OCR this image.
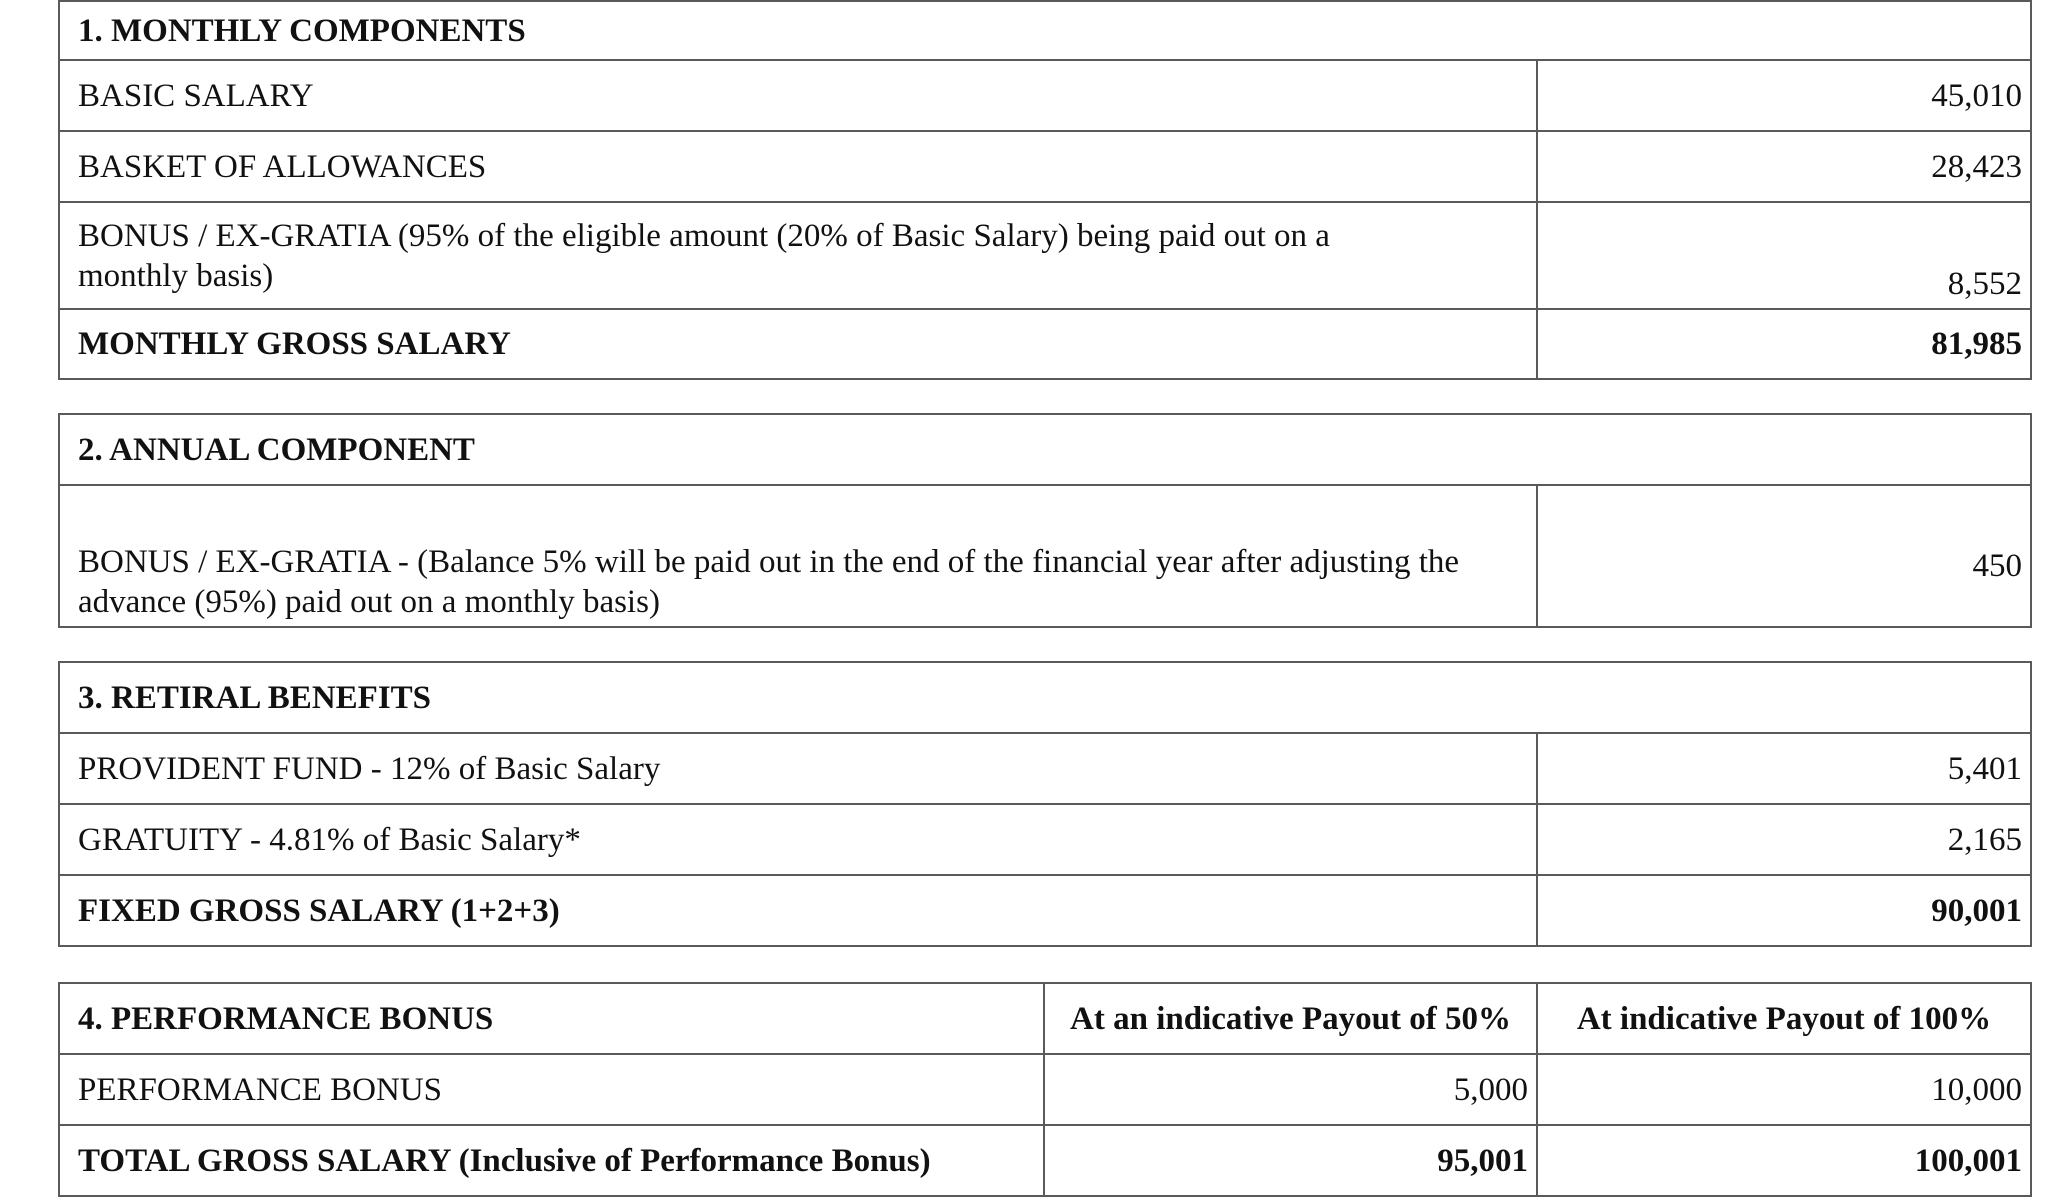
1. MONTHLY COMPONENTS	
BASIC SALARY	45,010
BASKET OF ALLOWANCES	28,423
BONUS / EX-GRATIA (95% of the eligible amount (20% of Basic Salary) being paid out on a monthly basis)	8,552
MONTHLY GROSS SALARY	81,985
2. ANNUAL COMPONENT
BONUS / EX-GRATIA - (Balance 5% will be paid out in the end of the financial year after adjusting the advance (95%) paid out on a monthly basis)	450
3. RETIRAL BENEFITS	
PROVIDENT FUND - 12% of Basic Salary	5,401
GRATUITY - 4.81% of Basic Salary*	2,165
FIXED GROSS SALARY (1+2+3)	90,001
4. PERFORMANCE BONUS	At an indicative Payout of 50%	At indicative Payout of 100%
PERFORMANCE BONUS	5,000	10,000
TOTAL GROSS SALARY (Inclusive of Performance Bonus)	95,001	100,001
